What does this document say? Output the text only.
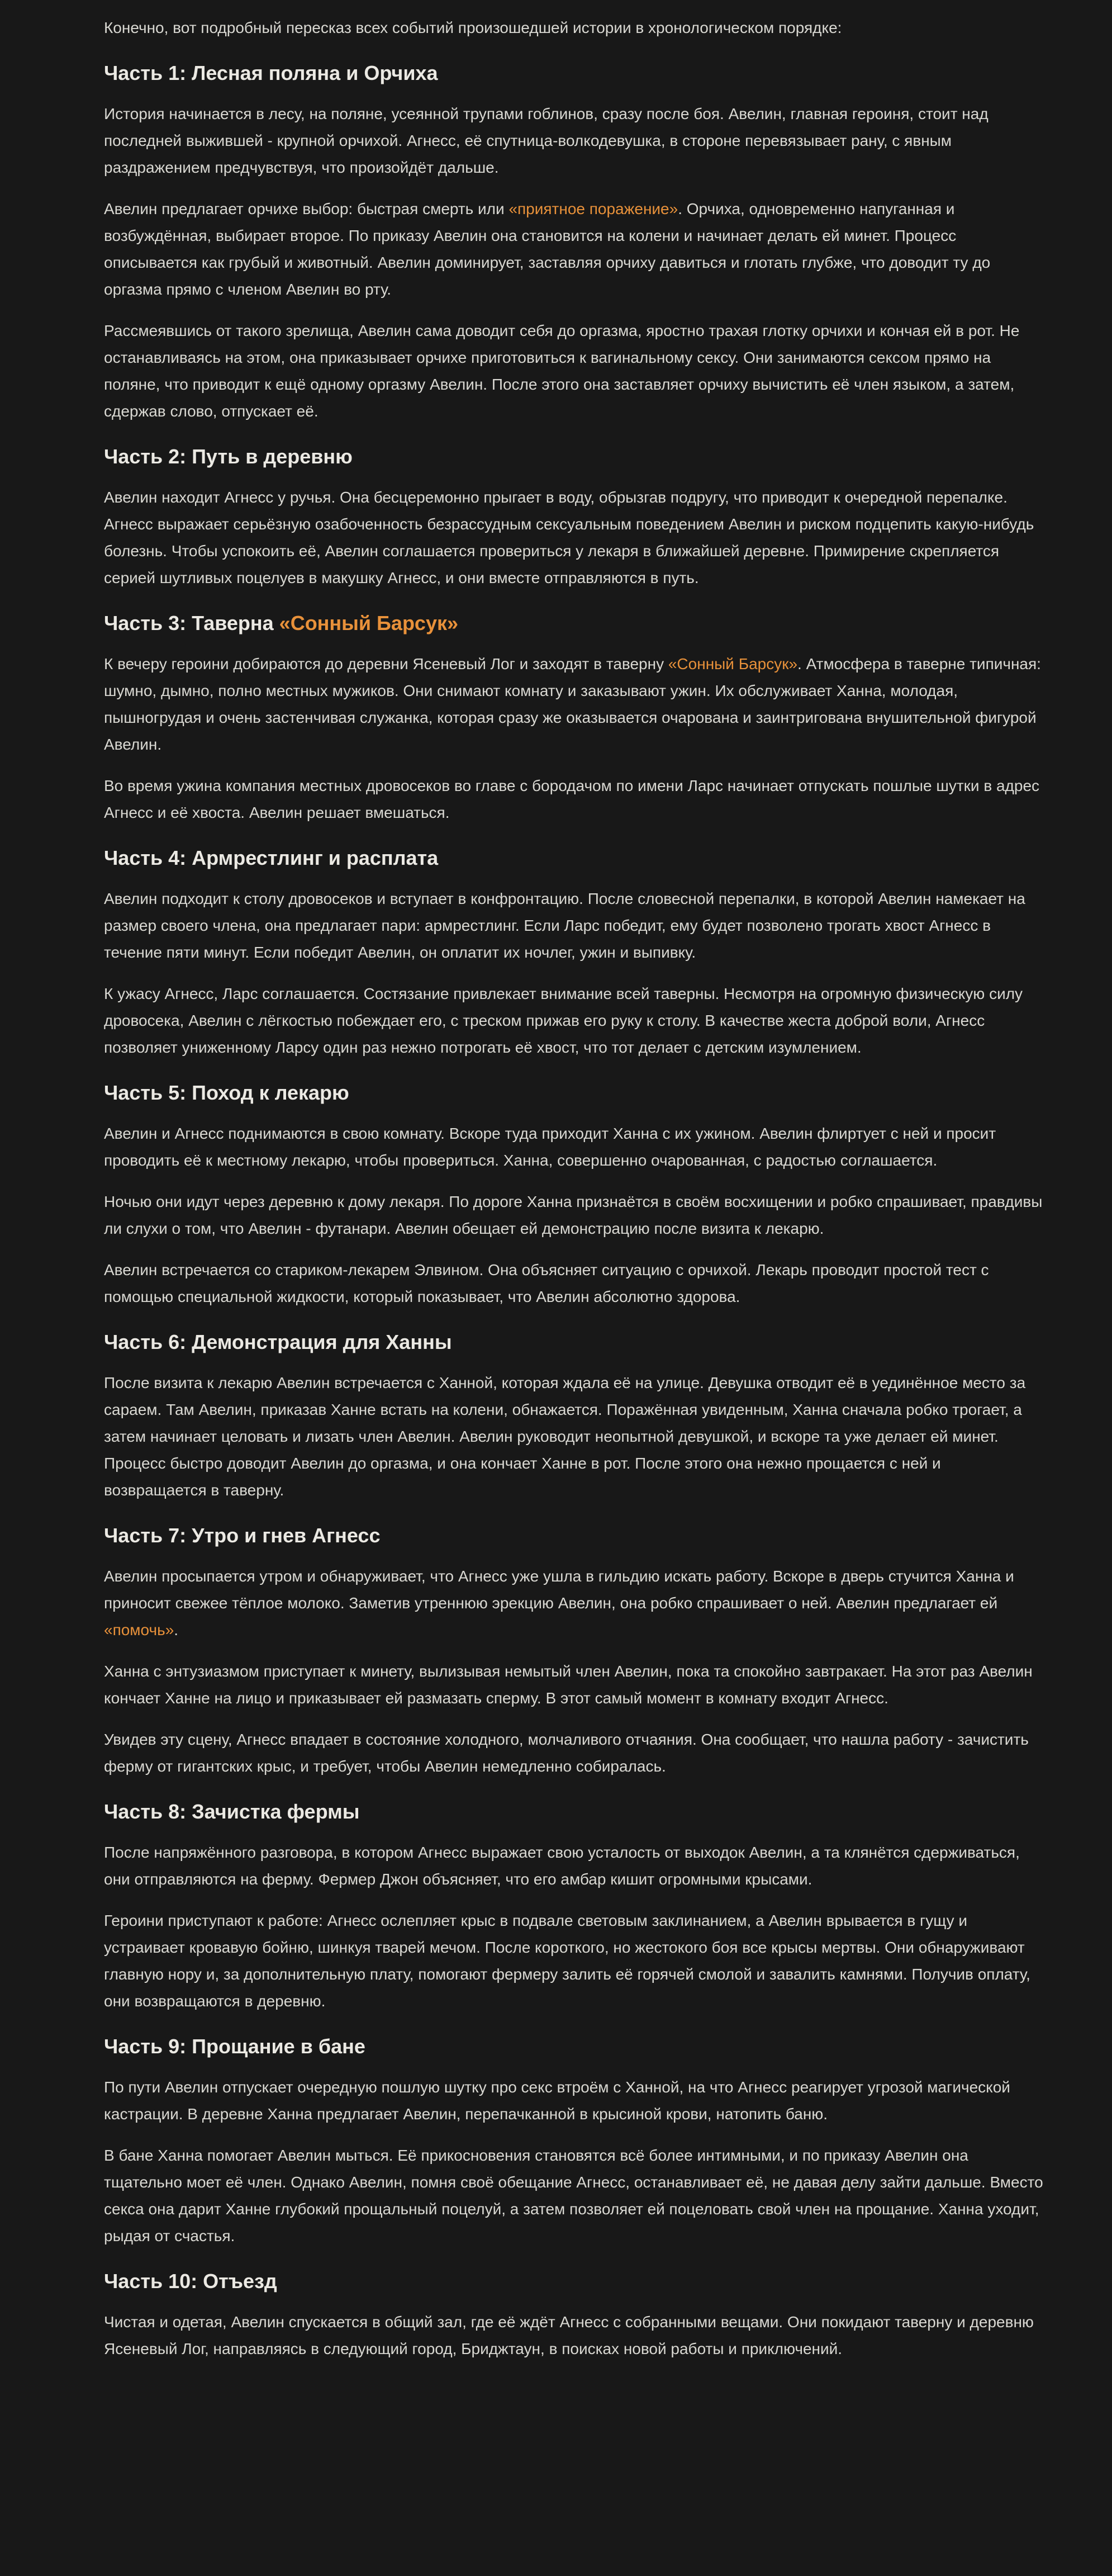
Конечно, вот подробный пересказ всех событий произошедшей истории в хронологическом порядке:

Часть 1: Лесная поляна и Орчиха

История начинается в лесу, на поляне, усеянной трупами гоблинов, сразу после боя. Авелин, главная героиня, стоит над последней выжившей - крупной орчихой. Агнесс, её спутница-волкодевушка, в стороне перевязывает рану, с явным раздражением предчувствуя, что произойдёт дальше.

Авелин предлагает орчихе выбор: быстрая смерть или «приятное поражение». Орчиха, одновременно напуганная и возбуждённая, выбирает второе. По приказу Авелин она становится на колени и начинает делать ей минет. Процесс описывается как грубый и животный. Авелин доминирует, заставляя орчиху давиться и глотать глубже, что доводит ту до оргазма прямо с членом Авелин во рту.

Рассмеявшись от такого зрелища, Авелин сама доводит себя до оргазма, яростно трахая глотку орчихи и кончая ей в рот. Не останавливаясь на этом, она приказывает орчихе приготовиться к вагинальному сексу. Они занимаются сексом прямо на поляне, что приводит к ещё одному оргазму Авелин. После этого она заставляет орчиху вычистить её член языком, а затем, сдержав слово, отпускает её.

Часть 2: Путь в деревню

Авелин находит Агнесс у ручья. Она бесцеремонно прыгает в воду, обрызгав подругу, что приводит к очередной перепалке. Агнесс выражает серьёзную озабоченность безрассудным сексуальным поведением Авелин и риском подцепить какую-нибудь болезнь. Чтобы успокоить её, Авелин соглашается провериться у лекаря в ближайшей деревне. Примирение скрепляется серией шутливых поцелуев в макушку Агнесс, и они вместе отправляются в путь.

Часть 3: Таверна «Сонный Барсук»

К вечеру героини добираются до деревни Ясеневый Лог и заходят в таверну «Сонный Барсук». Атмосфера в таверне типичная: шумно, дымно, полно местных мужиков. Они снимают комнату и заказывают ужин. Их обслуживает Ханна, молодая, пышногрудая и очень застенчивая служанка, которая сразу же оказывается очарована и заинтригована внушительной фигурой Авелин.

Во время ужина компания местных дровосеков во главе с бородачом по имени Ларс начинает отпускать пошлые шутки в адрес Агнесс и её хвоста. Авелин решает вмешаться.

Часть 4: Армрестлинг и расплата

Авелин подходит к столу дровосеков и вступает в конфронтацию. После словесной перепалки, в которой Авелин намекает на размер своего члена, она предлагает пари: армрестлинг. Если Ларс победит, ему будет позволено трогать хвост Агнесс в течение пяти минут. Если победит Авелин, он оплатит их ночлег, ужин и выпивку.

К ужасу Агнесс, Ларс соглашается. Состязание привлекает внимание всей таверны. Несмотря на огромную физическую силу дровосека, Авелин с лёгкостью побеждает его, с треском прижав его руку к столу. В качестве жеста доброй воли, Агнесс позволяет униженному Ларсу один раз нежно потрогать её хвост, что тот делает с детским изумлением.

Часть 5: Поход к лекарю

Авелин и Агнесс поднимаются в свою комнату. Вскоре туда приходит Ханна с их ужином. Авелин флиртует с ней и просит проводить её к местному лекарю, чтобы провериться. Ханна, совершенно очарованная, с радостью соглашается.

Ночью они идут через деревню к дому лекаря. По дороге Ханна признаётся в своём восхищении и робко спрашивает, правдивы ли слухи о том, что Авелин - футанари. Авелин обещает ей демонстрацию после визита к лекарю.

Авелин встречается со стариком-лекарем Элвином. Она объясняет ситуацию с орчихой. Лекарь проводит простой тест с помощью специальной жидкости, который показывает, что Авелин абсолютно здорова.

Часть 6: Демонстрация для Ханны

После визита к лекарю Авелин встречается с Ханной, которая ждала её на улице. Девушка отводит её в уединённое место за сараем. Там Авелин, приказав Ханне встать на колени, обнажается. Поражённая увиденным, Ханна сначала робко трогает, а затем начинает целовать и лизать член Авелин. Авелин руководит неопытной девушкой, и вскоре та уже делает ей минет. Процесс быстро доводит Авелин до оргазма, и она кончает Ханне в рот. После этого она нежно прощается с ней и возвращается в таверну.

Часть 7: Утро и гнев Агнесс

Авелин просыпается утром и обнаруживает, что Агнесс уже ушла в гильдию искать работу. Вскоре в дверь стучится Ханна и приносит свежее тёплое молоко. Заметив утреннюю эрекцию Авелин, она робко спрашивает о ней. Авелин предлагает ей «помочь».

Ханна с энтузиазмом приступает к минету, вылизывая немытый член Авелин, пока та спокойно завтракает. На этот раз Авелин кончает Ханне на лицо и приказывает ей размазать сперму. В этот самый момент в комнату входит Агнесс.

Увидев эту сцену, Агнесс впадает в состояние холодного, молчаливого отчаяния. Она сообщает, что нашла работу - зачистить ферму от гигантских крыс, и требует, чтобы Авелин немедленно собиралась.

Часть 8: Зачистка фермы

После напряжённого разговора, в котором Агнесс выражает свою усталость от выходок Авелин, а та клянётся сдерживаться, они отправляются на ферму. Фермер Джон объясняет, что его амбар кишит огромными крысами.

Героини приступают к работе: Агнесс ослепляет крыс в подвале световым заклинанием, а Авелин врывается в гущу и устраивает кровавую бойню, шинкуя тварей мечом. После короткого, но жестокого боя все крысы мертвы. Они обнаруживают главную нору и, за дополнительную плату, помогают фермеру залить её горячей смолой и завалить камнями. Получив оплату, они возвращаются в деревню.

Часть 9: Прощание в бане

По пути Авелин отпускает очередную пошлую шутку про секс втроём с Ханной, на что Агнесс реагирует угрозой магической кастрации. В деревне Ханна предлагает Авелин, перепачканной в крысиной крови, натопить баню.

В бане Ханна помогает Авелин мыться. Её прикосновения становятся всё более интимными, и по приказу Авелин она тщательно моет её член. Однако Авелин, помня своё обещание Агнесс, останавливает её, не давая делу зайти дальше. Вместо секса она дарит Ханне глубокий прощальный поцелуй, а затем позволяет ей поцеловать свой член на прощание. Ханна уходит, рыдая от счастья.

Часть 10: Отъезд

Чистая и одетая, Авелин спускается в общий зал, где её ждёт Агнесс с собранными вещами. Они покидают таверну и деревню Ясеневый Лог, направляясь в следующий город, Бриджтаун, в поисках новой работы и приключений.
